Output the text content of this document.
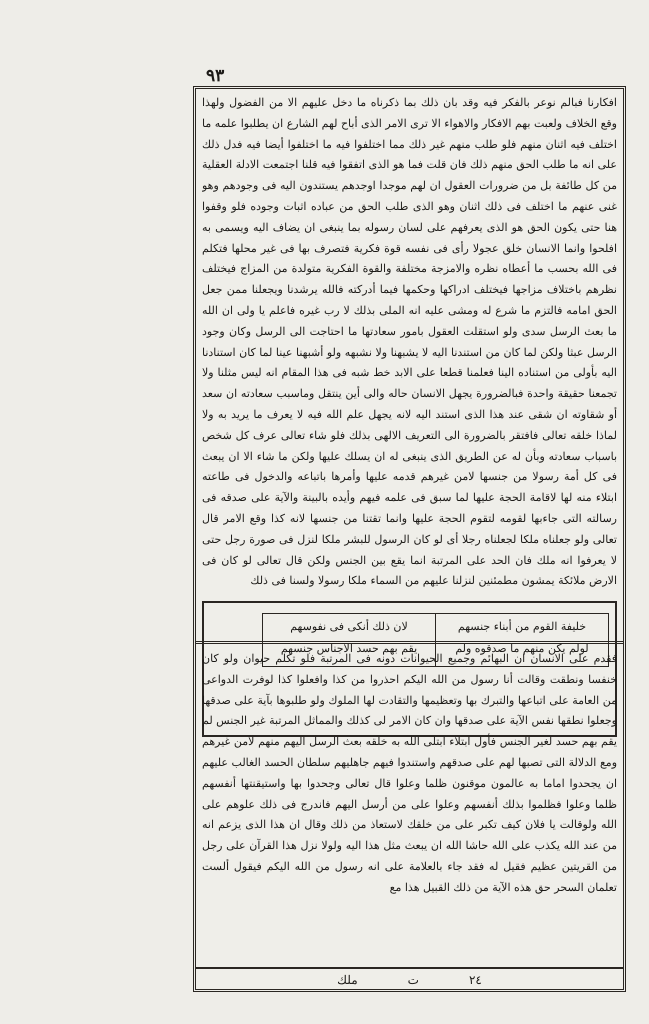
٩٣

افكارنا فبالم نوعر بالفكر فيه وقد بان ذلك بما ذكرناه ما دخل عليهم الا من الفضول ولهذا وقع الخلاف ولعبت بهم الافكار والاهواء الا ترى الامر الذى أباح لهم الشارع ان يطلبوا علمه ما اختلف فيه اثنان منهم فلو طلب منهم غير ذلك مما اختلفوا فيه ما اختلفوا أيضا فيه فدل ذلك على انه ما طلب الحق منهم ذلك فان قلت فما هو الذى اتفقوا فيه قلنا اجتمعت الادلة العقلية من كل طائفة بل من ضرورات العقول ان لهم موجدا اوجدهم يستندون اليه فى وجودهم وهو غنى عنهم ما اختلف فى ذلك اثنان وهو الذى طلب الحق من عباده اثبات وجوده فلو وقفوا هنا حتى يكون الحق هو الذى يعرفهم على لسان رسوله بما ينبغى ان يضاف اليه ويسمى به افلحوا وانما الانسان خلق عجولا رأى فى نفسه قوة فكرية فتصرف بها فى غير محلها فتكلم فى الله بحسب ما أعطاه نظره والامزجة مختلفة والقوة الفكرية متولدة من المزاج فيختلف نظرهم باختلاف مزاجها فيختلف ادراكها وحكمها فيما أدركته فالله يرشدنا ويجعلنا ممن جعل الحق امامه فالتزم ما شرع له ومشى عليه انه الملى بذلك لا رب غيره فاعلم يا ولى ان الله ما بعث الرسل سدى ولو استقلت العقول بامور سعادتها ما احتاجت الى الرسل وكان وجود الرسل عبثا ولكن لما كان من استندنا اليه لا يشبهنا ولا نشبهه ولو أشبهنا عينا لما كان استنادنا اليه بأولى من استناده الينا فعلمنا قطعا على الابد خط شبه فى هذا المقام انه ليس مثلنا ولا تجمعنا حقيقة واحدة فبالضرورة يجهل الانسان حاله والى أين ينتقل وماسبب سعادته ان سعد أو شقاوته ان شقى عند هذا الذى استند اليه لانه يجهل علم الله فيه لا يعرف ما يريد به ولا لماذا خلقه تعالى فافتقر بالضرورة الى التعريف الالهى بذلك فلو شاء تعالى عرف كل شخص باسباب سعادته وبأن له عن الطريق الذى ينبغى له ان يسلك عليها ولكن ما شاء الا ان يبعث فى كل أمة رسولا من جنسها لامن غيرهم قدمه عليها وأمرها باتباعه والدخول فى طاعته ابتلاء منه لها لاقامة الحجة عليها لما سبق فى علمه فيهم وأيده بالبينة والآية على صدقه فى رسالته التى جاءبها لقومه لتقوم الحجة عليها وانما تقتنا من جنسها لانه كذا وقع الامر قال تعالى ولو جعلناه ملكا لجعلناه رجلا أى لو كان الرسول للبشر ملكا لنزل فى صورة رجل حتى لا يعرفوا انه ملك فان الحد على المرتبة انما يقع بين الجنس ولكن قال تعالى لو كان فى الارض ملائكة يمشون مطمئنين لنزلنا عليهم من السماء ملكا رسولا ولسنا فى ذلك

خليفة القوم من أبناء جنسهم
لولم يكن منهم ما صدقوه ولم
لان ذلك أنكى فى نفوسهم
يقم بهم حسد الاجناس جنسهم

فقدم على الانسان ان البهائم وجميع الحيوانات دونه فى المرتبة فلو تكلم حيوان ولو كان خنفسا ونطقت وقالت أنا رسول من الله اليكم احذروا من كذا وافعلوا كذا لوفرت الدواعى من العامة على اتباعها والتبرك بها وتعظيمها والتقادت لها الملوك ولو طلبوها بآية على صدقها وجعلوا نطقها نفس الآية على صدقها وان كان الامر لى كذلك والمماثل المرتبة غير الجنس لم يقم بهم حسد لغير الجنس فأول ابتلاء ابتلى الله به خلقه بعث الرسل اليهم منهم لامن غيرهم ومع الدلالة التى تصبها لهم على صدقهم واستندوا فيهم جاهليهم سلطان الحسد الغالب عليهم ان يجحدوا اماما به عالمون موقنون ظلما وعلوا قال تعالى وجحدوا بها واستيقنتها أنفسهم ظلما وعلوا فظلموا بذلك أنفسهم وعلوا على من أرسل اليهم فاندرج فى ذلك علوهم على الله ولوقالت يا فلان كيف تكبر على من خلقك لاستعاذ من ذلك وقال ان هذا الذى يزعم انه من عند الله يكذب على الله حاشا الله ان يبعث مثل هذا اليه ولولا نزل هذا القرآن على رجل من القريتين عظيم فقيل له فقد جاء بالعلامة على انه رسول من الله اليكم فيقول ألست تعلمان السحر حق هذه الآية من ذلك القبيل هذا مع

٢٤
ت
ملك
